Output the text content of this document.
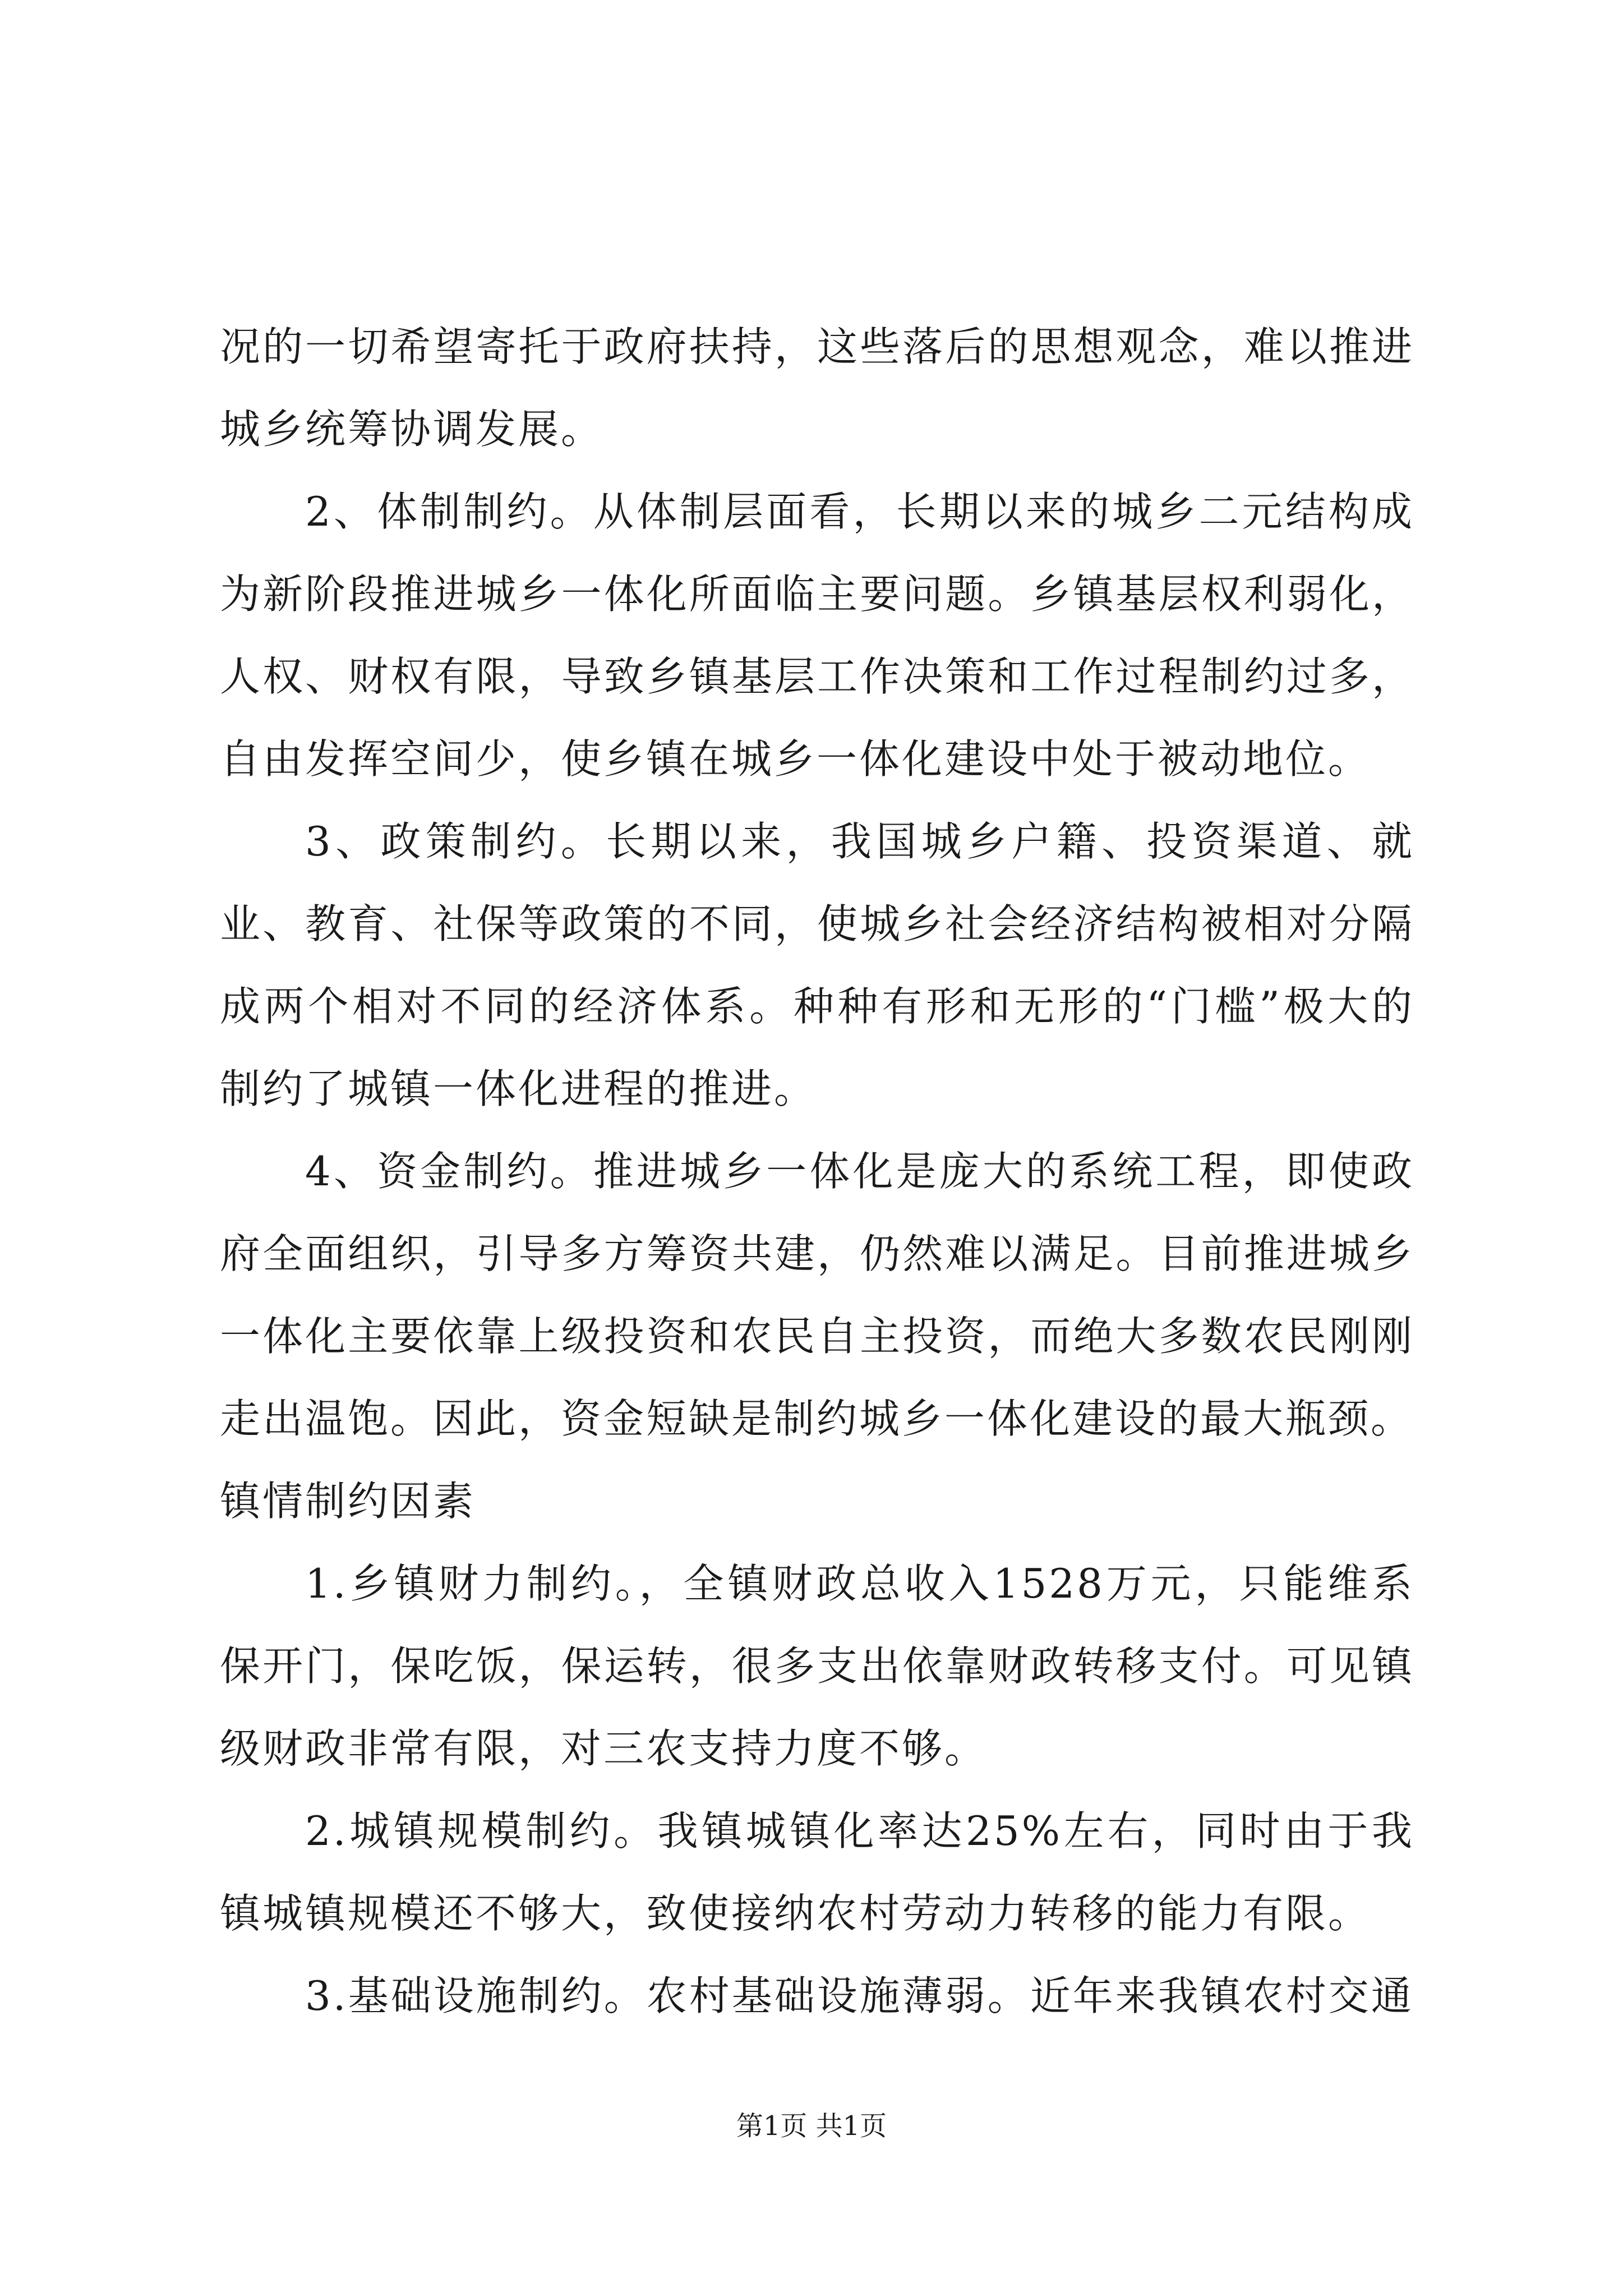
况的一切希望寄托于政府扶持，这些落后的思想观念，难以推进城乡统筹协调发展。

2、体制制约。从体制层面看，长期以来的城乡二元结构成为新阶段推进城乡一体化所面临主要问题。乡镇基层权利弱化，人权、财权有限，导致乡镇基层工作决策和工作过程制约过多，自由发挥空间少，使乡镇在城乡一体化建设中处于被动地位。

3、政策制约。长期以来，我国城乡户籍、投资渠道、就业、教育、社保等政策的不同，使城乡社会经济结构被相对分隔成两个相对不同的经济体系。种种有形和无形的“门槛”极大的制约了城镇一体化进程的推进。

4、资金制约。推进城乡一体化是庞大的系统工程，即使政府全面组织，引导多方筹资共建，仍然难以满足。目前推进城乡一体化主要依靠上级投资和农民自主投资，而绝大多数农民刚刚走出温饱。因此，资金短缺是制约城乡一体化建设的最大瓶颈。

镇情制约因素

1.乡镇财力制约。，全镇财政总收入1528万元，只能维系保开门，保吃饭，保运转，很多支出依靠财政转移支付。可见镇级财政非常有限，对三农支持力度不够。

2.城镇规模制约。我镇城镇化率达25%左右，同时由于我镇城镇规模还不够大，致使接纳农村劳动力转移的能力有限。

3.基础设施制约。农村基础设施薄弱。近年来我镇农村交通

第1页 共1页
